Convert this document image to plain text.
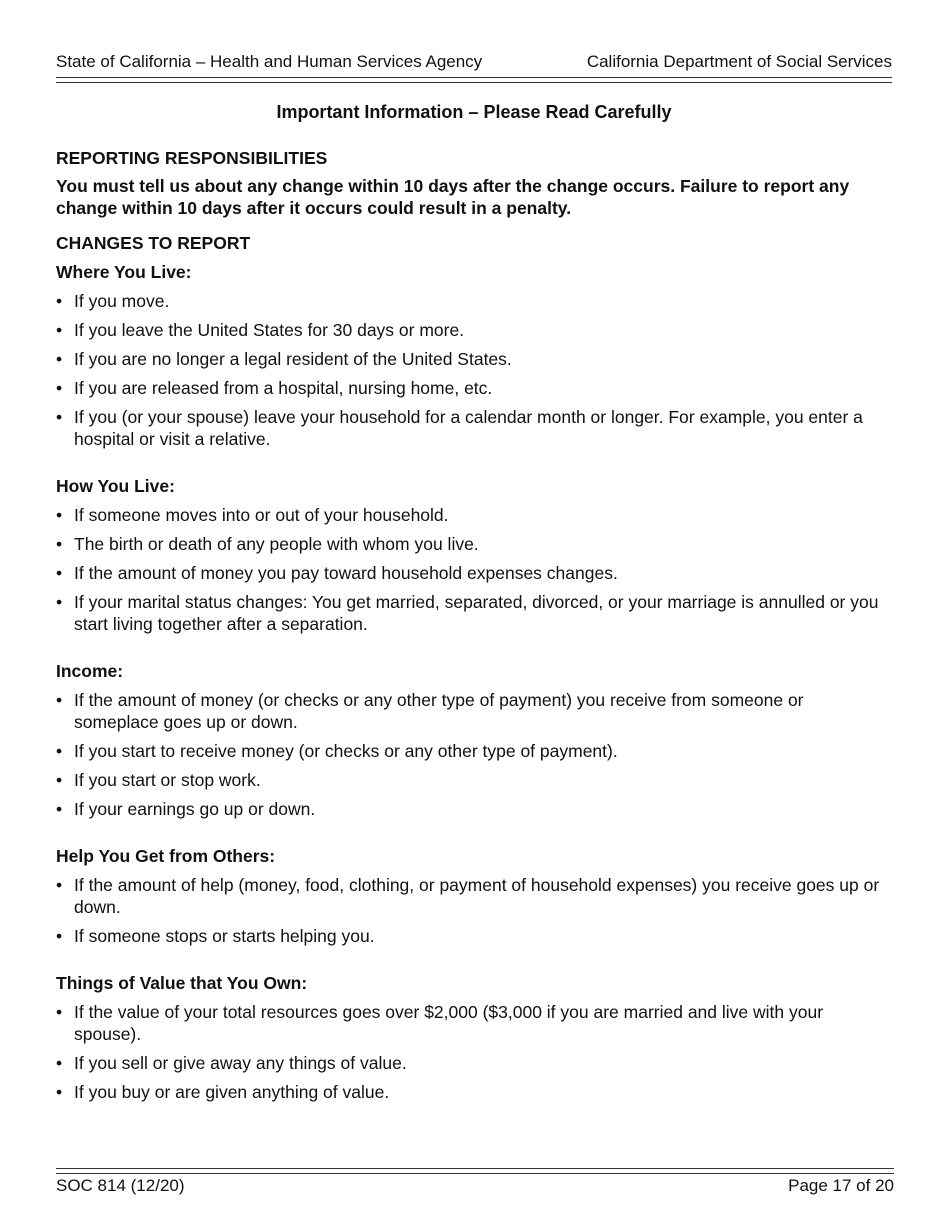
State of California – Health and Human Services Agency	California Department of Social Services

Important Information – Please Read Carefully

REPORTING RESPONSIBILITIES

You must tell us about any change within 10 days after the change occurs. Failure to report any change within 10 days after it occurs could result in a penalty.

CHANGES TO REPORT

Where You Live:

• If you move.
• If you leave the United States for 30 days or more.
• If you are no longer a legal resident of the United States.
• If you are released from a hospital, nursing home, etc.
• If you (or your spouse) leave your household for a calendar month or longer. For example, you enter a hospital or visit a relative.

How You Live:

• If someone moves into or out of your household.
• The birth or death of any people with whom you live.
• If the amount of money you pay toward household expenses changes.
• If your marital status changes: You get married, separated, divorced, or your marriage is annulled or you start living together after a separation.

Income:

• If the amount of money (or checks or any other type of payment) you receive from someone or someplace goes up or down.
• If you start to receive money (or checks or any other type of payment).
• If you start or stop work.
• If your earnings go up or down.

Help You Get from Others:

• If the amount of help (money, food, clothing, or payment of household expenses) you receive goes up or down.
• If someone stops or starts helping you.

Things of Value that You Own:

• If the value of your total resources goes over $2,000 ($3,000 if you are married and live with your spouse).
• If you sell or give away any things of value.
• If you buy or are given anything of value.
SOC 814 (12/20)	Page 17 of 20
